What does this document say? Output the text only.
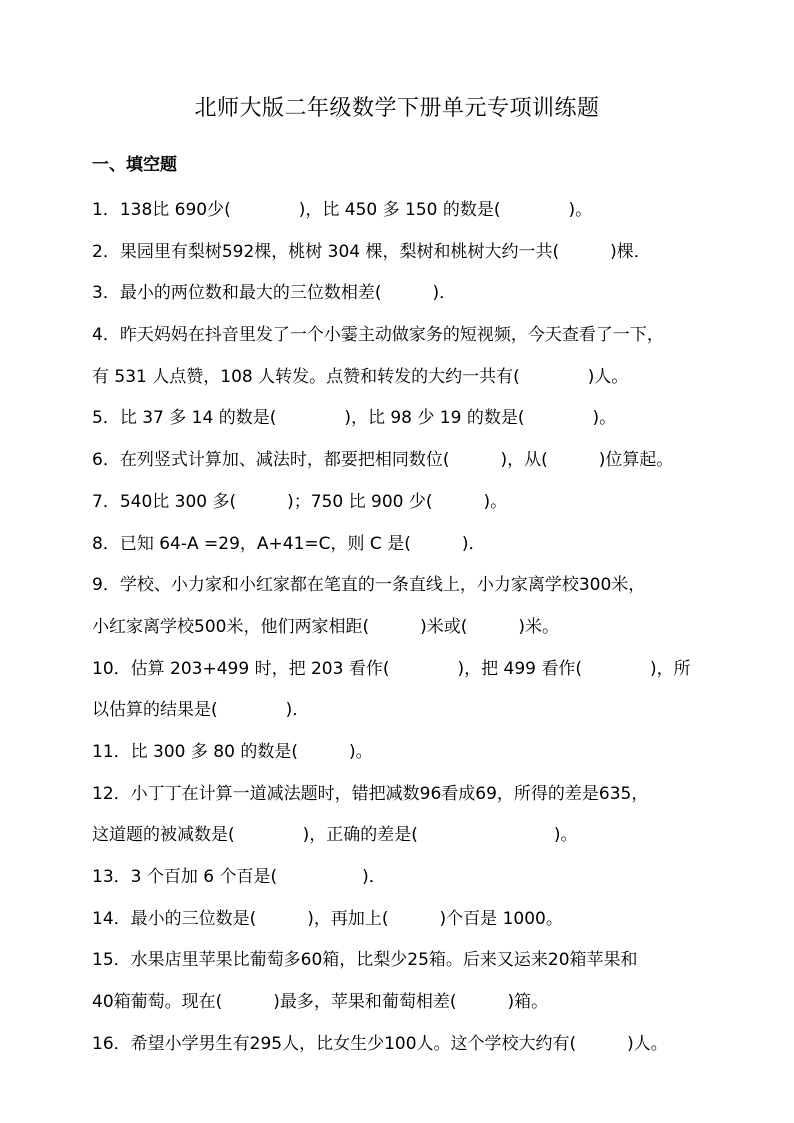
北师大版二年级数学下册单元专项训练题
一、填空题
1．138比 690少(　　　　)，比 450 多 150 的数是(　　　　)。
2．果园里有梨树592棵，桃树 304 棵，梨树和桃树大约一共(　　　)棵．
3．最小的两位数和最大的三位数相差(　　　)．
4．昨天妈妈在抖音里发了一个小霎主动做家务的短视频，今天查看了一下，
有 531 人点赞，108 人转发。点赞和转发的大约一共有(　　　　)人。
5．比 37 多 14 的数是(　　　　)，比 98 少 19 的数是(　　　　)。
6．在列竖式计算加、减法时，都要把相同数位(　　　)，从(　　　)位算起。
7．540比 300 多(　　　)；750 比 900 少(　　　)。
8．已知 64-A =29，A+41=C，则 C 是(　　　)．
9．学校、小力家和小红家都在笔直的一条直线上，小力家离学校300米，
小红家离学校500米，他们两家相距(　　　)米或(　　　)米。
10．估算 203+499 时，把 203 看作(　　　　)，把 499 看作(　　　　)，所
以估算的结果是(　　　　)．
11．比 300 多 80 的数是(　　　)。
12．小丁丁在计算一道减法题时，错把减数96看成69，所得的差是635，
这道题的被减数是(　　　　)，正确的差是(　　　　　　　　)。
13．3 个百加 6 个百是(　　　　　)．
14．最小的三位数是(　　　)，再加上(　　　)个百是 1000。
15．水果店里苹果比葡萄多60箱，比梨少25箱。后来又运来20箱苹果和
40箱葡萄。现在(　　　)最多，苹果和葡萄相差(　　　)箱。
16．希望小学男生有295人，比女生少100人。这个学校大约有(　　　)人。
